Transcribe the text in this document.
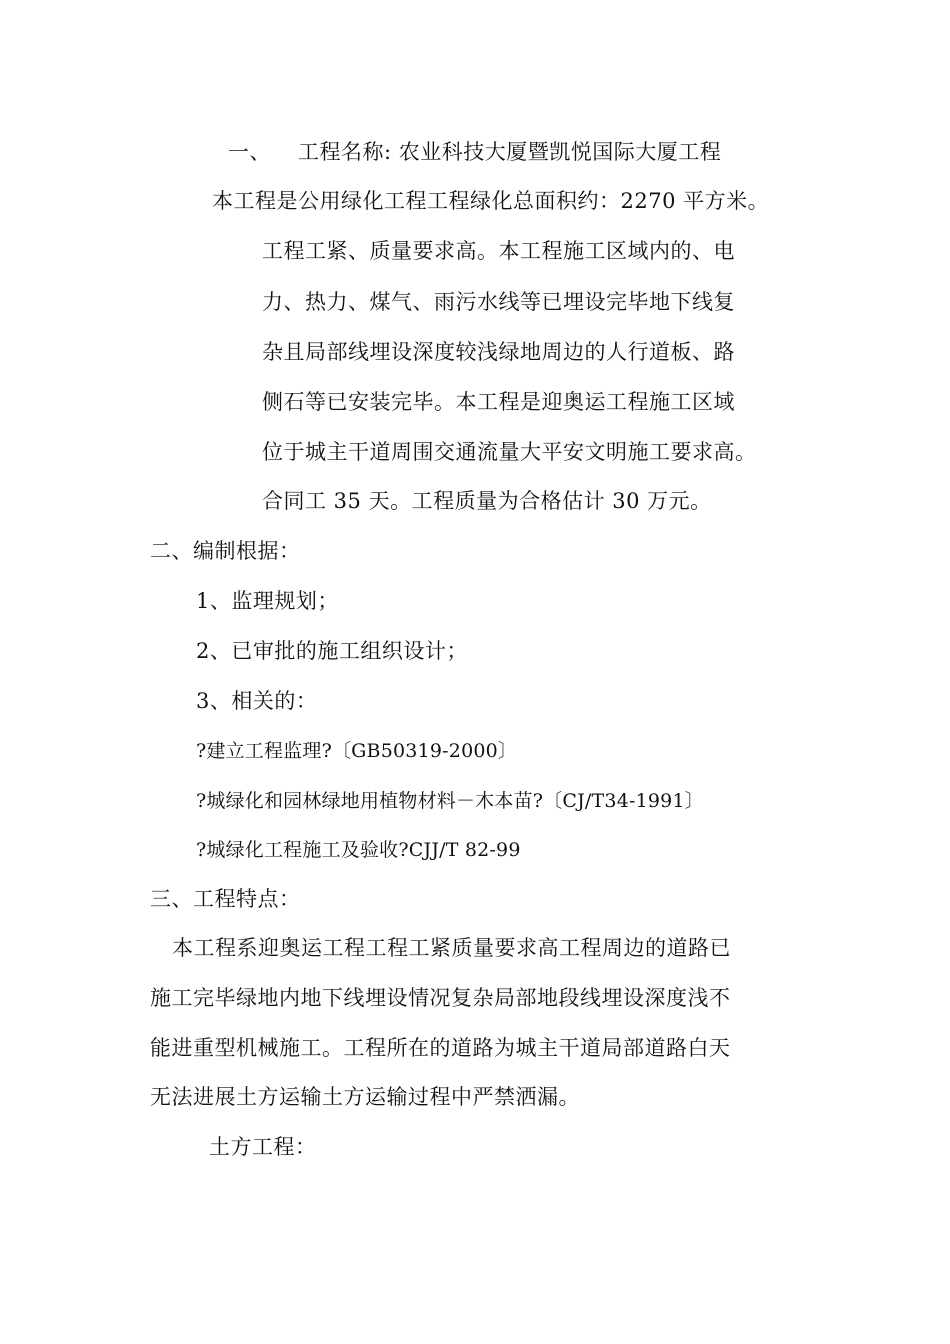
一、 工程名称: 农业科技大厦暨凯悦国际大厦工程
本工程是公用绿化工程工程绿化总面积约：2270 平方米。
工程工紧、质量要求高。本工程施工区域内的、电
力、热力、煤气、雨污水线等已埋设完毕地下线复
杂且局部线埋设深度较浅绿地周边的人行道板、路
侧石等已安装完毕。本工程是迎奥运工程施工区域
位于城主干道周围交通流量大平安文明施工要求高。
合同工 35 天。工程质量为合格估计 30 万元。
二、编制根据：
1、监理规划；
2、已审批的施工组织设计；
3、相关的：
?建立工程监理?〔GB50319-2000〕
?城绿化和园林绿地用植物材料－木本苗?〔CJ/T34-1991〕
?城绿化工程施工及验收?CJJ/T 82-99
三、工程特点：
本工程系迎奥运工程工程工紧质量要求高工程周边的道路已
施工完毕绿地内地下线埋设情况复杂局部地段线埋设深度浅不
能进重型机械施工。工程所在的道路为城主干道局部道路白天
无法进展土方运输土方运输过程中严禁洒漏。
土方工程：
